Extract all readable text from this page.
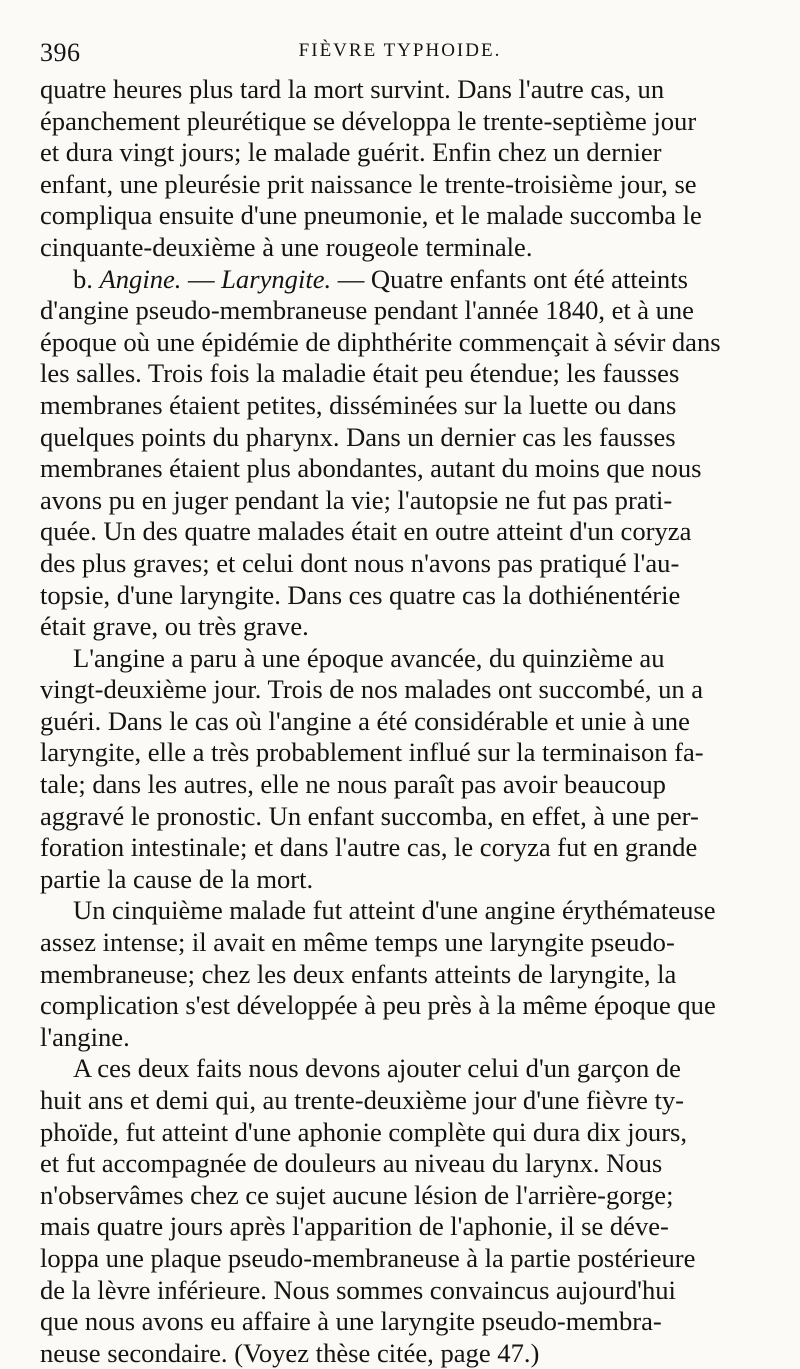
396	FIÈVRE TYPHOIDE.
quatre heures plus tard la mort survint. Dans l'autre cas, un
épanchement pleurétique se développa le trente-septième jour
et dura vingt jours; le malade guérit. Enfin chez un dernier
enfant, une pleurésie prit naissance le trente-troisième jour, se
compliqua ensuite d'une pneumonie, et le malade succomba le
cinquante-deuxième à une rougeole terminale.
b. Angine. — Laryngite. — Quatre enfants ont été atteints
d'angine pseudo-membraneuse pendant l'année 1840, et à une
époque où une épidémie de diphthérite commençait à sévir dans
les salles. Trois fois la maladie était peu étendue; les fausses
membranes étaient petites, disséminées sur la luette ou dans
quelques points du pharynx. Dans un dernier cas les fausses
membranes étaient plus abondantes, autant du moins que nous
avons pu en juger pendant la vie; l'autopsie ne fut pas prati-
quée. Un des quatre malades était en outre atteint d'un coryza
des plus graves; et celui dont nous n'avons pas pratiqué l'au-
topsie, d'une laryngite. Dans ces quatre cas la dothiénentérie
était grave, ou très grave.
L'angine a paru à une époque avancée, du quinzième au
vingt-deuxième jour. Trois de nos malades ont succombé, un a
guéri. Dans le cas où l'angine a été considérable et unie à une
laryngite, elle a très probablement influé sur la terminaison fa-
tale; dans les autres, elle ne nous paraît pas avoir beaucoup
aggravé le pronostic. Un enfant succomba, en effet, à une per-
foration intestinale; et dans l'autre cas, le coryza fut en grande
partie la cause de la mort.
Un cinquième malade fut atteint d'une angine érythémateuse
assez intense; il avait en même temps une laryngite pseudo-
membraneuse; chez les deux enfants atteints de laryngite, la
complication s'est développée à peu près à la même époque que
l'angine.
A ces deux faits nous devons ajouter celui d'un garçon de
huit ans et demi qui, au trente-deuxième jour d'une fièvre ty-
phoïde, fut atteint d'une aphonie complète qui dura dix jours,
et fut accompagnée de douleurs au niveau du larynx. Nous
n'observâmes chez ce sujet aucune lésion de l'arrière-gorge;
mais quatre jours après l'apparition de l'aphonie, il se déve-
loppa une plaque pseudo-membraneuse à la partie postérieure
de la lèvre inférieure. Nous sommes convaincus aujourd'hui
que nous avons eu affaire à une laryngite pseudo-membra-
neuse secondaire. (Voyez thèse citée, page 47.)
